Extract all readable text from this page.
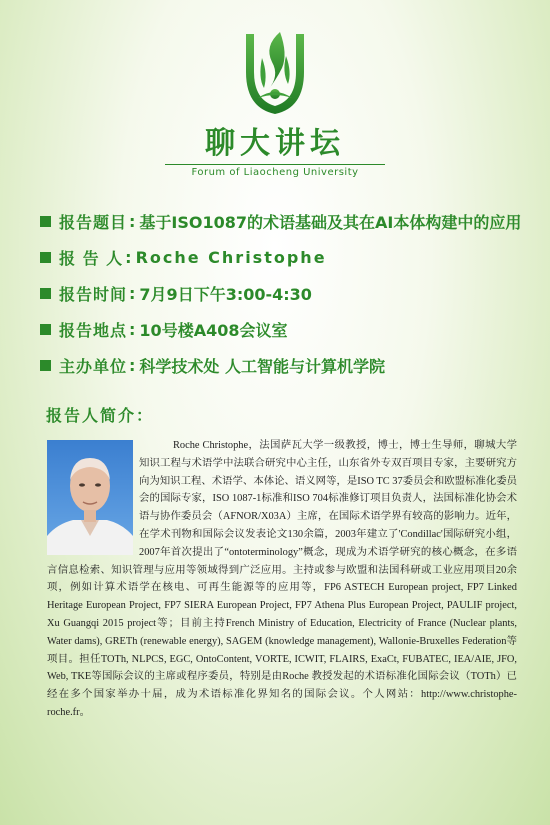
聊大讲坛
Forum of Liaocheng University
报告题目 : 基于ISO1087的术语基础及其在AI本体构建中的应用
报 告 人 : Roche Christophe
报告时间 : 7月9日下午3:00-4:30
报告地点 : 10号楼A408会议室
主办单位 : 科学技术处 人工智能与计算机学院
报告人简介：
Roche Christophe，法国萨瓦大学一级教授，博士，博士生导师，聊城大学知识工程与术语学中法联合研究中心主任，山东省外专双百项目专家，主要研究方向为知识工程、术语学、本体论、语义网等，是ISO TC 37委员会和欧盟标准化委员会的国际专家，ISO 1087-1标准和ISO 704标准修订项目负责人，法国标准化协会术语与协作委员会（AFNOR/X03A）主席，在国际术语学界有较高的影响力。近年，在学术刊物和国际会议发表论文130余篇，2003年建立了'Condillac'国际研究小组，2007年首次提出了“ontoterminology”概念，现成为术语学研究的核心概念，在多语言信息检索、知识管理与应用等领域得到广泛应用。主持或参与欧盟和法国科研或工业应用项目20余项，例如计算术语学在核电、可再生能源等的应用等，FP6 ASTECH European project, FP7 Linked Heritage European Project, FP7 SIERA European Project, FP7 Athena Plus European Project, PAULIF project, Xu Guangqi 2015 project等；目前主持French Ministry of Education, Electricity of France (Nuclear plants, Water dams), GRETh (renewable energy), SAGEM (knowledge management), Wallonie-Bruxelles Federation等项目。担任TOTh, NLPCS, EGC, OntoContent, VORTE, ICWIT, FLAIRS, ExaCt, FUBATEC, IEA/AIE, JFO, Web, TKE等国际会议的主席或程序委员，特别是由Roche 教授发起的术语标准化国际会议（TOTh）已经在多个国家举办十届，成为术语标准化界知名的国际会议。个人网站：http://www.christophe-roche.fr。
